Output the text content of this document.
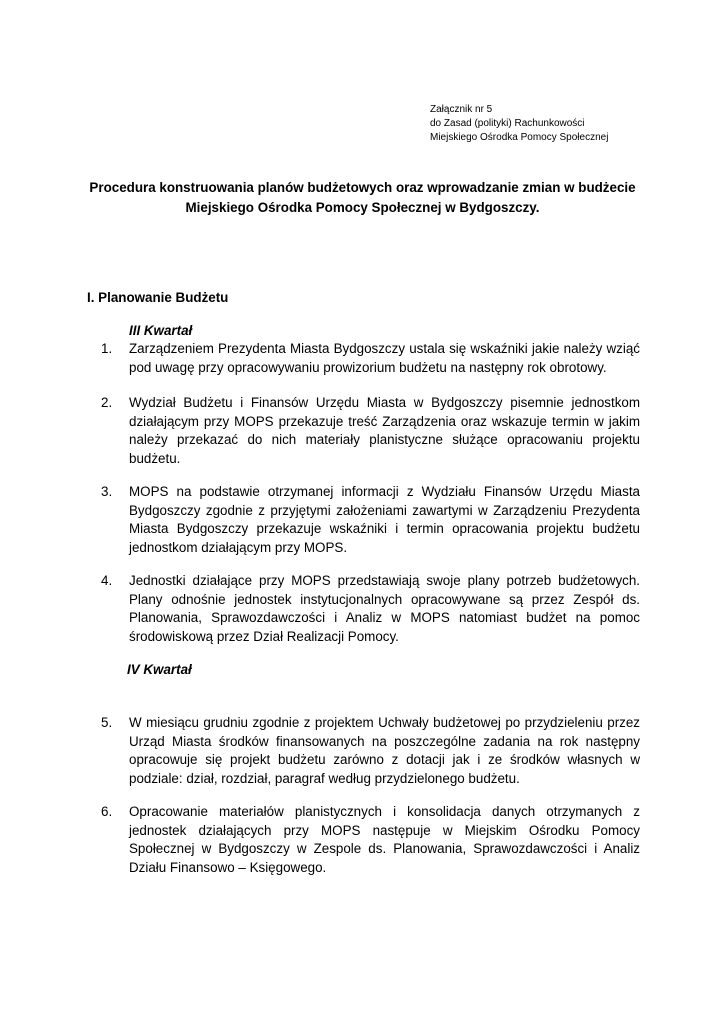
Załącznik nr 5
do Zasad (polityki) Rachunkowości
Miejskiego Ośrodka Pomocy Społecznej
Procedura konstruowania planów budżetowych oraz wprowadzanie zmian w budżecie
Miejskiego Ośrodka Pomocy Społecznej w Bydgoszczy.
I. Planowanie Budżetu
III Kwartał
1.	Zarządzeniem Prezydenta Miasta Bydgoszczy ustala się wskaźniki jakie należy wziąć pod uwagę przy opracowywaniu prowizorium budżetu na następny rok obrotowy.
2.	Wydział Budżetu i Finansów Urzędu Miasta w Bydgoszczy pisemnie jednostkom działającym przy MOPS przekazuje treść Zarządzenia oraz wskazuje termin w jakim należy przekazać do nich materiały planistyczne służące opracowaniu projektu budżetu.
3.	MOPS na podstawie otrzymanej informacji z Wydziału Finansów Urzędu Miasta Bydgoszczy zgodnie z przyjętymi założeniami zawartymi w Zarządzeniu Prezydenta Miasta Bydgoszczy przekazuje wskaźniki i termin opracowania projektu budżetu jednostkom działającym przy MOPS.
4.	Jednostki działające przy MOPS przedstawiają swoje plany potrzeb budżetowych. Plany odnośnie jednostek instytucjonalnych opracowywane są przez Zespół ds. Planowania, Sprawozdawczości i Analiz w MOPS natomiast budżet na pomoc środowiskową przez Dział Realizacji Pomocy.
IV Kwartał
5.	W miesiącu grudniu zgodnie z projektem Uchwały budżetowej po przydzieleniu przez Urząd Miasta środków finansowanych na poszczególne zadania na rok następny opracowuje się projekt budżetu zarówno z dotacji jak i ze środków własnych w podziale: dział, rozdział, paragraf według przydzielonego budżetu.
6.	Opracowanie materiałów planistycznych i konsolidacja danych otrzymanych z jednostek działających przy MOPS następuje w Miejskim Ośrodku Pomocy Społecznej w Bydgoszczy w Zespole ds. Planowania, Sprawozdawczości i Analiz Działu Finansowo – Księgowego.
